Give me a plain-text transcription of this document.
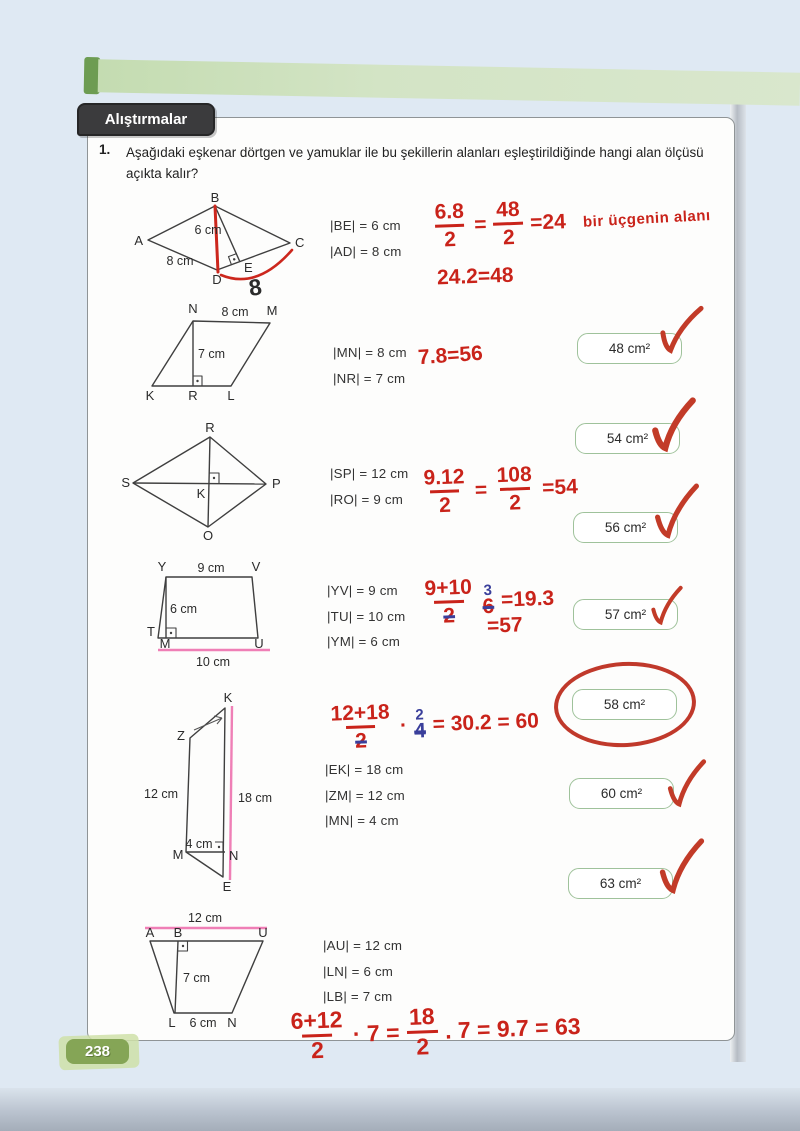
Alıştırmalar
1. Aşağıdaki eşkenar dörtgen ve yamuklar ile bu şekillerin alanları eşleştirildiğinde hangi alan ölçüsü açıkta kalır?
8
6 cm
8 cm
A
B
C
D
E
8 cm
7 cm
N	M
K	R L
R
S	P
O
K
9 cm
6 cm
10 cm
Y	V
T
M	U
12 cm	18 cm
4 cm
K
Z
M	N
E
12 cm
7 cm
6 cm
A B	U
L	N
|BE| = 6 cm
|AD| = 8 cm
|MN| = 8 cm
|NR| = 7 cm
|SP| = 12 cm
|RO| = 9 cm
|YV| = 9 cm
|TU| = 10 cm
|YM| = 6 cm
|EK| = 18 cm
|ZM| = 12 cm
|MN| = 4 cm
|AU| = 12 cm
|LN| = 6 cm
|LB| = 7 cm
48 cm²
54 cm²
56 cm²
57 cm²
58 cm²
60 cm²
63 cm²
$\frac{6.8}{2} = \frac{48}{2} =24$ bir üçgenin alanı
24.2=48
7.8=56
$\frac{9.12}{2} = \frac{108}{2} =54$
$\frac{9+10}{2} 3$
6 =19.3
=57
$\frac{12+18}{2} \cdot 2$
4 = 30.2 = 60
$\frac{6+12}{2} \cdot 7 = \frac{18}{2}$ . 7 = 9.7 = 63
238
